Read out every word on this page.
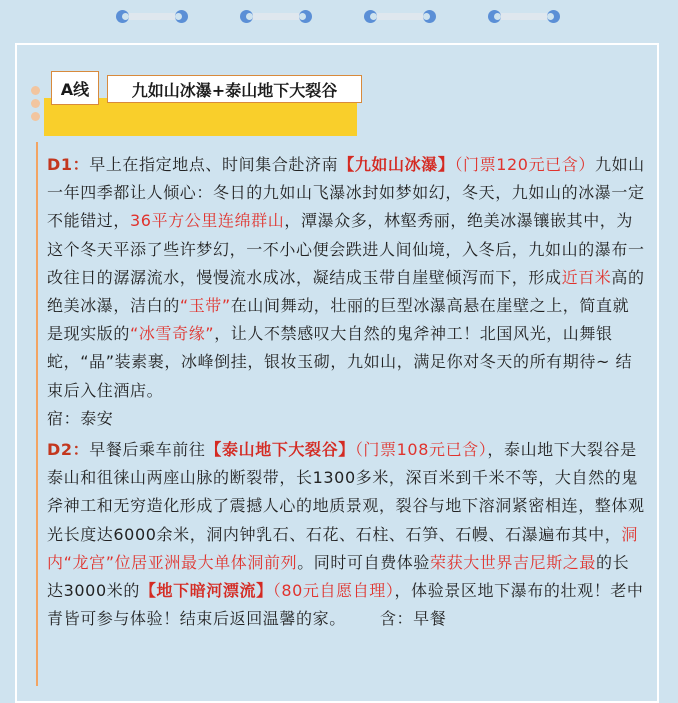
A线	九如山冰瀑+泰山地下大裂谷

D1：早上在指定地点、时间集合赴济南【九如山冰瀑】（门票120元已含）九如山一年四季都让人倾心：冬日的九如山飞瀑冰封如梦如幻，冬天，九如山的冰瀑一定不能错过，36平方公里连绵群山，潭瀑众多，林壑秀丽，绝美冰瀑镶嵌其中，为这个冬天平添了些许梦幻，一不小心便会跌进人间仙境，入冬后，九如山的瀑布一改往日的潺潺流水，慢慢流水成冰，凝结成玉带自崖壁倾泻而下，形成近百米高的绝美冰瀑，洁白的“玉带”在山间舞动，壮丽的巨型冰瀑高悬在崖壁之上，简直就是现实版的“冰雪奇缘”，让人不禁感叹大自然的鬼斧神工！北国风光，山舞银蛇，“晶”装素裹，冰峰倒挂，银妆玉砌，九如山，满足你对冬天的所有期待~ 结束后入住酒店。
宿：泰安

D2：早餐后乘车前往【泰山地下大裂谷】（门票108元已含），泰山地下大裂谷是泰山和徂徕山两座山脉的断裂带，长1300多米，深百米到千米不等，大自然的鬼斧神工和无穷造化形成了震撼人心的地质景观，裂谷与地下溶洞紧密相连，整体观光长度达6000余米，洞内钟乳石、石花、石柱、石笋、石幔、石瀑遍布其中，洞内“龙宫”位居亚洲最大单体洞前列。同时可自费体验荣获大世界吉尼斯之最的长达3000米的【地下暗河漂流】（80元自愿自理），体验景区地下瀑布的壮观！老中青皆可参与体验！结束后返回温馨的家。 含：早餐
